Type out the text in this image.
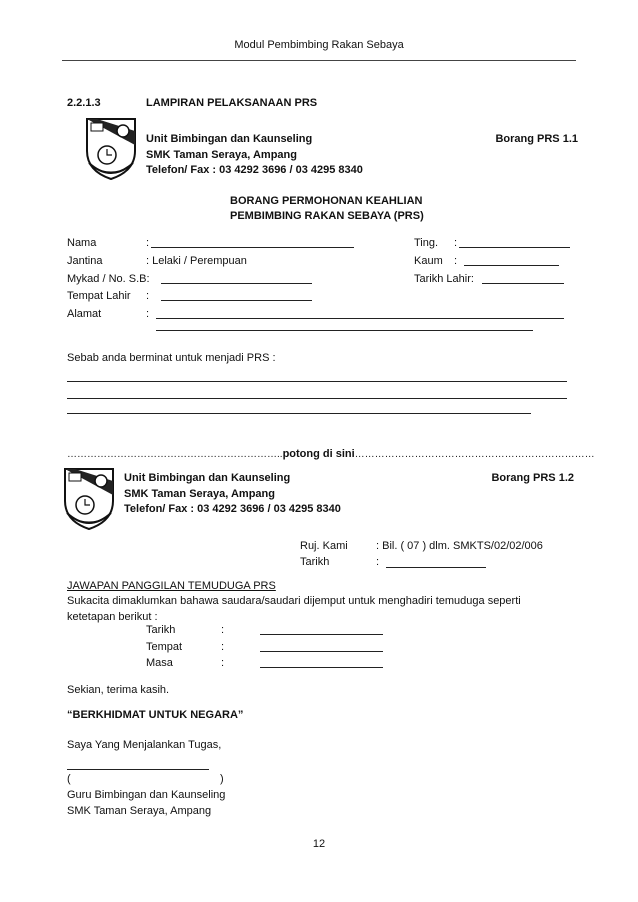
Modul Pembimbing Rakan Sebaya
2.2.1.3	LAMPIRAN PELAKSANAAN PRS
Unit Bimbingan dan Kaunseling
SMK Taman Seraya, Ampang
Telefon/ Fax : 03 4292 3696 / 03 4295 8340
Borang PRS 1.1
BORANG PERMOHONAN KEAHLIAN
PEMBIMBING RAKAN SEBAYA (PRS)
Nama	:	Ting. :
Jantina	: Lelaki / Perempuan	Kaum :
Mykad / No. S.B:	Tarikh Lahir:
Tempat Lahir :
Alamat	:
Sebab anda berminat untuk menjadi PRS :
………………………………………………………..potong di sini………………………………………………………………
Unit Bimbingan dan Kaunseling
SMK Taman Seraya, Ampang
Telefon/ Fax : 03 4292 3696 / 03 4295 8340
Borang PRS 1.2
Ruj. Kami	: Bil. ( 07 ) dlm. SMKTS/02/02/006
Tarikh	:
JAWAPAN PANGGILAN TEMUDUGA PRS
Sukacita dimaklumkan bahawa saudara/saudari dijemput untuk menghadiri temuduga seperti
ketetapan berikut :
Tarikh	:
Tempat	:
Masa	:
Sekian, terima kasih.
“BERKHIDMAT UNTUK NEGARA”
Saya Yang Menjalankan Tugas,
(	)
Guru Bimbingan dan Kaunseling
SMK Taman Seraya, Ampang
12
